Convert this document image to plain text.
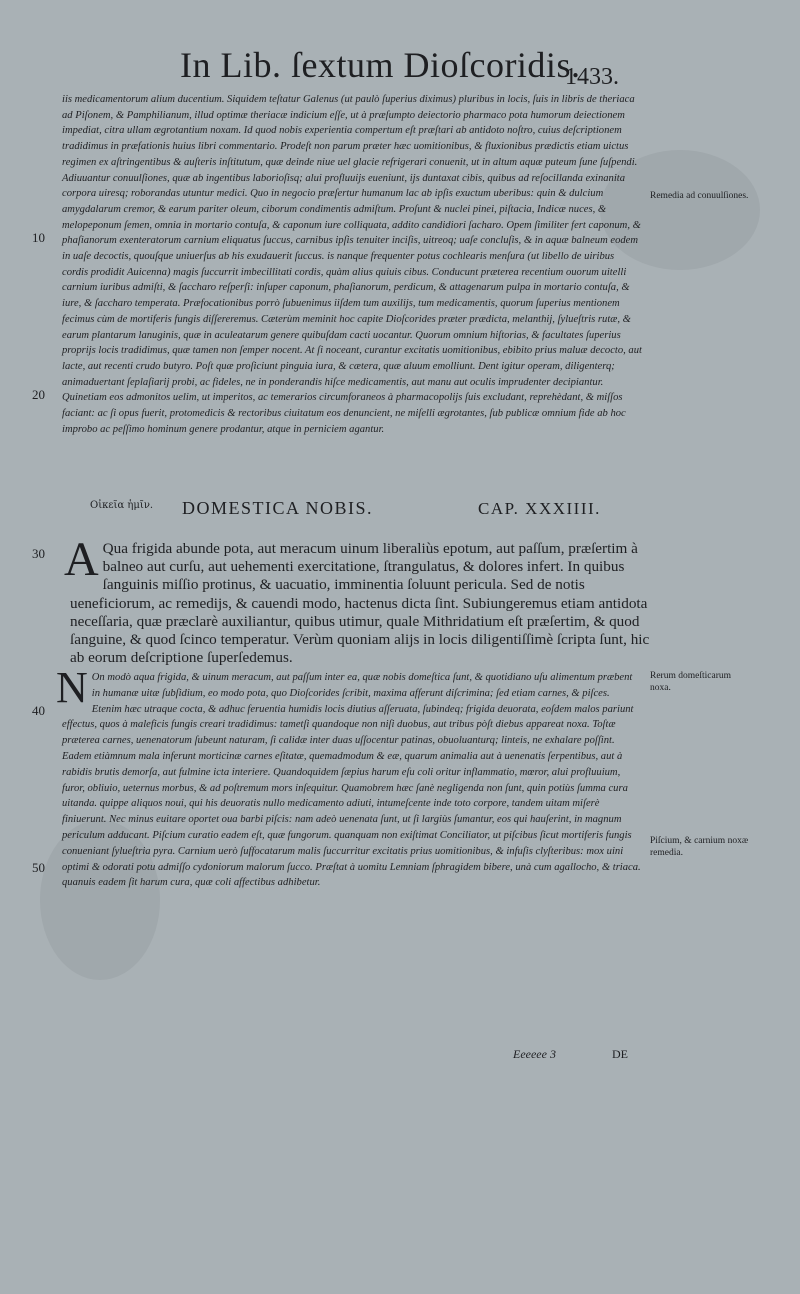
In Lib. ſextum Dioſcoridis.
1433.

iis medicamentorum alium ducentium. Siquidem teſtatur Galenus (ut paulò ſuperius diximus) pluribus in locis, ſuis in libris de theriaca ad Piſonem, & Pamphilianum, illud optimæ theriacæ indicium eſſe, ut à præſumpto deiectorio pharmaco pota humorum deiectionem impediat, citra ullam ægrotantium noxam. Id quod nobis experientia compertum eſt præſtari ab antidoto noſtro, cuius deſcriptionem tradidimus in præfationis huius libri commentario. Prodeſt non parum præter hæc uomitionibus, & fluxionibus prædictis etiam uictus regimen ex aſtringentibus & auſteris inſtitutum, quæ deinde niue uel glacie refrigerari conuenit, ut in altum aquæ puteum ſune ſuſpendi. Adiuuantur conuulſiones, quæ ab ingentibus laborioſisq; alui profluuijs eueniunt, ijs duntaxat cibis, quibus ad reſocillanda exinanita corpora uiresq; roborandas utuntur medici. Quo in negocio præſertur humanum lac ab ipſis exuctum uberibus: quin & dulcium amygdalarum cremor, & earum pariter oleum, ciborum condimentis admiſtum. Proſunt & nuclei pinei, piſtacia, Indicæ nuces, & melopeponum ſemen, omnia in mortario contuſa, & caponum iure colliquata, addito candidiori ſacharo. Opem ſimiliter fert caponum, & phaſianorum exenteratorum carnium eliquatus ſuccus, carnibus ipſis tenuiter inciſis, uitreoq; uaſe concluſis, & in aquæ balneum eodem in uaſe decoctis, quouſque uniuerſus ab his exudauerit ſuccus. is nanque frequenter potus cochlearis menſura (ut libello de uiribus cordis prodidit Auicenna) magis ſuccurrit imbecillitati cordis, quàm alius quiuis cibus. Conducunt præterea recentium ouorum uitelli carnium iuribus admiſti, & ſaccharo reſperſi: inſuper caponum, phaſianorum, perdicum, & attagenarum pulpa in mortario contuſa, & iure, & ſaccharo temperata. Præfocationibus porrò ſubuenimus iiſdem tum auxilijs, tum medicamentis, quorum ſuperius mentionem fecimus cùm de mortiferis fungis diſſereremus. Cæterùm meminit hoc capite Dioſcorides præter prædicta, melanthij, ſylueſtris rutæ, & earum plantarum lanuginis, quæ in aculeatarum genere quibuſdam cacti uocantur. Quorum omnium hiſtorias, & facultates ſuperius proprijs locis tradidimus, quæ tamen non ſemper nocent. At ſi noceant, curantur excitatis uomitionibus, ebibito prius maluæ decocto, aut lacte, aut recenti crudo butyro. Poſt quæ proſiciunt pinguia iura, & cætera, quæ aluum emolliunt. Dent igitur operam, diligenterq; animaduertant ſeplaſiarij probi, ac fideles, ne in ponderandis hiſce medicamentis, aut manu aut oculis imprudenter decipiantur. Quinetiam eos admonitos uelim, ut imperitos, ac temerarios circumforaneos à pharmacopolijs ſuis excludant, reprehèdant, & miſſos faciant: ac ſi opus fuerit, protomedicis & rectoribus ciuitatum eos denuncient, ne miſelli ægrotantes, ſub publicæ omnium fide ab hoc improbo ac peſſimo hominum genere prodantur, atque in perniciem agantur.

Οἰκεῖα ἡμῖν. DOMESTICA NOBIS.	CAP. XXXIIII.

A Qua frigida abunde pota, aut meracum uinum liberaliùs epotum, aut paſſum, præſertim à balneo aut curſu, aut uehementi exercitatione, ſtrangulatus, & dolores infert. In quibus ſanguinis miſſio protinus, & uacuatio, imminentia ſoluunt pericula. Sed de notis ueneficiorum, ac remedijs, & cauendi modo, hactenus dicta ſint. Subiungeremus etiam antidota neceſſaria, quæ præclarè auxiliantur, quibus utimur, quale Mithridatium eſt præſertim, & quod ſanguine, & quod ſcinco temperatur. Verùm quoniam alijs in locis diligentiſſimè ſcripta ſunt, hic ab eorum deſcriptione ſuperſedemus.

N On modò aqua frigida, & uinum meracum, aut paſſum inter ea, quæ nobis domeſtica ſunt, & quotidiano uſu alimentum præbent in humanæ uitæ ſubſidium, eo modo pota, quo Dioſcorides ſcribit, maxima afferunt diſcrimina; ſed etiam carnes, & piſces. Etenim hæc utraque cocta, & adhuc feruentia humidis locis diutius aſſeruata, ſubindeq; frigida deuorata, eoſdem malos pariunt effectus, quos à maleficis fungis creari tradidimus: tametſi quandoque non niſi duobus, aut tribus pòſt diebus appareat noxa. Toſtæ præterea carnes, uenenatorum ſubeunt naturam, ſi calidæ inter duas uſſocentur patinas, obuoluanturq; linteis, ne exhalare poſſint. Eadem etiàmnum mala inferunt morticinæ carnes eſitatæ, quemadmodum & eæ, quarum animalia aut à uenenatis ſerpentibus, aut à rabidis brutis demorſa, aut fulmine icta interiere. Quandoquidem ſæpius harum eſu coli oritur inflammatio, mœror, alui profluuium, furor, obliuio, ueternus morbus, & ad poſtremum mors inſequitur. Quamobrem hæc ſanè negligenda non ſunt, quin potiùs ſumma cura uitanda. quippe aliquos noui, qui his deuoratis nullo medicamento adiuti, intumeſcente inde toto corpore, tandem uitam miſerè finiuerunt. Nec minus euitare oportet oua barbi piſcis: nam adeò uenenata ſunt, ut ſi largiùs ſumantur, eos qui hauſerint, in magnum periculum adducant. Piſcium curatio eadem eſt, quæ fungorum. quanquam non exiſtimat Conciliator, ut piſcibus ſicut mortiferis fungis conueniant ſylueſtria pyra. Carnium uerò ſuffocatarum malis ſuccurritur excitatis prius uomitionibus, & infuſis clyſteribus: mox uini optimi & odorati potu admiſſo cydoniorum malorum ſucco. Præſtat à uomitu Lemniam ſphragidem bibere, unà cum agallocho, & triaca. quanuis eadem ſit harum cura, quæ coli affectibus adhibetur.

10
20
30
40
50
Remedia ad conuulſiones.
Rerum domeſticarum noxa.
Piſcium, & carnium noxæ remedia.
Eeeeee 3	DE
